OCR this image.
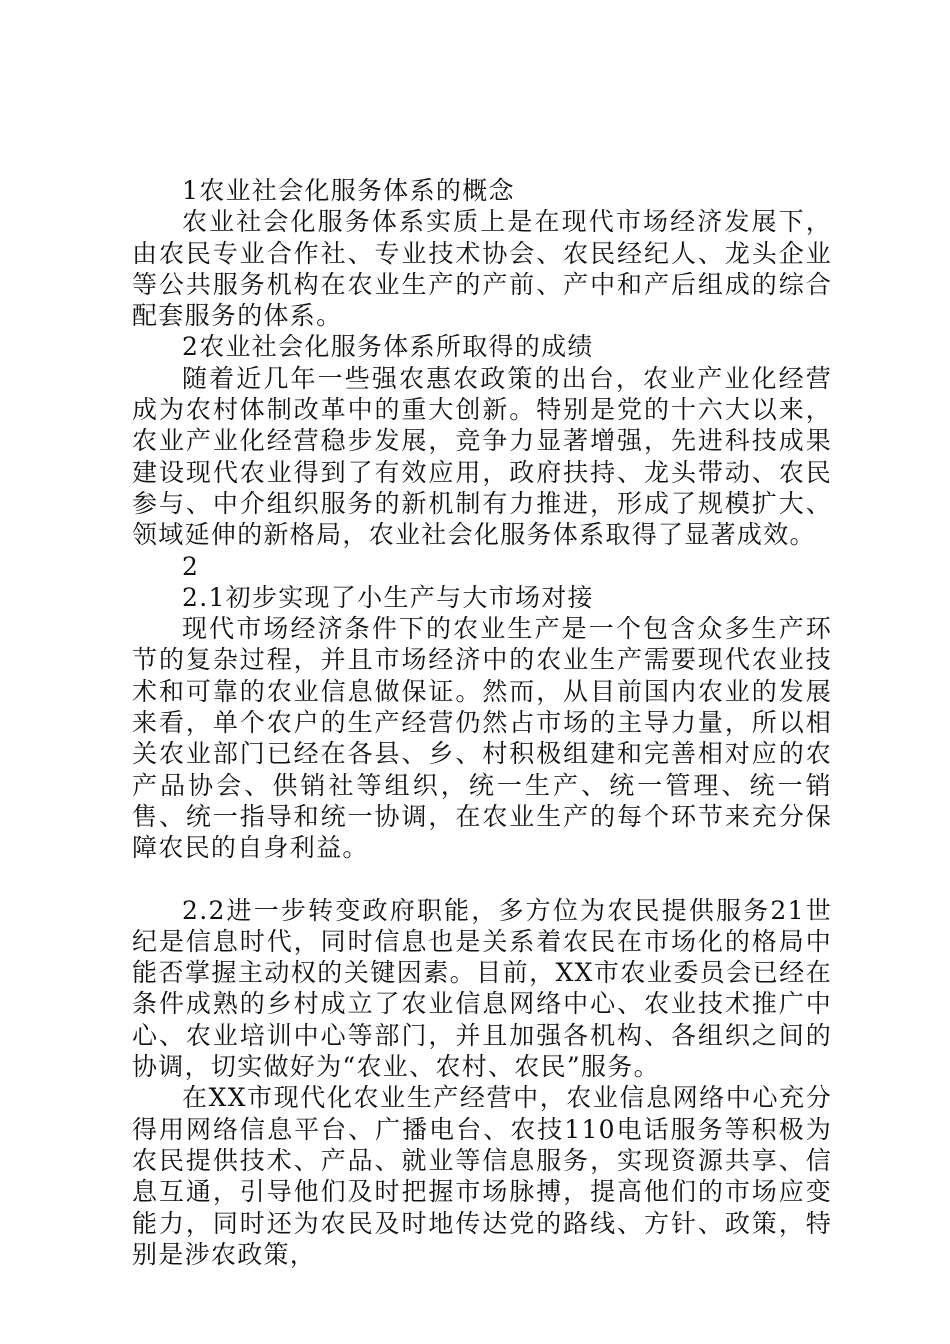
1农业社会化服务体系的概念

农业社会化服务体系实质上是在现代市场经济发展下，由农民专业合作社、专业技术协会、农民经纪人、龙头企业等公共服务机构在农业生产的产前、产中和产后组成的综合配套服务的体系。

2农业社会化服务体系所取得的成绩

随着近几年一些强农惠农政策的出台，农业产业化经营成为农村体制改革中的重大创新。特别是党的十六大以来，农业产业化经营稳步发展，竞争力显著增强，先进科技成果建设现代农业得到了有效应用，政府扶持、龙头带动、农民参与、中介组织服务的新机制有力推进，形成了规模扩大、领域延伸的新格局，农业社会化服务体系取得了显著成效。

2

2.1初步实现了小生产与大市场对接

现代市场经济条件下的农业生产是一个包含众多生产环节的复杂过程，并且市场经济中的农业生产需要现代农业技术和可靠的农业信息做保证。然而，从目前国内农业的发展来看，单个农户的生产经营仍然占市场的主导力量，所以相关农业部门已经在各县、乡、村积极组建和完善相对应的农产品协会、供销社等组织，统一生产、统一管理、统一销售、统一指导和统一协调，在农业生产的每个环节来充分保障农民的自身利益。

2.2进一步转变政府职能，多方位为农民提供服务21世纪是信息时代，同时信息也是关系着农民在市场化的格局中能否掌握主动权的关键因素。目前，XX市农业委员会已经在条件成熟的乡村成立了农业信息网络中心、农业技术推广中心、农业培训中心等部门，并且加强各机构、各组织之间的协调，切实做好为“农业、农村、农民”服务。

在XX市现代化农业生产经营中，农业信息网络中心充分得用网络信息平台、广播电台、农技110电话服务等积极为农民提供技术、产品、就业等信息服务，实现资源共享、信息互通，引导他们及时把握市场脉搏，提高他们的市场应变能力，同时还为农民及时地传达党的路线、方针、政策，特别是涉农政策，
